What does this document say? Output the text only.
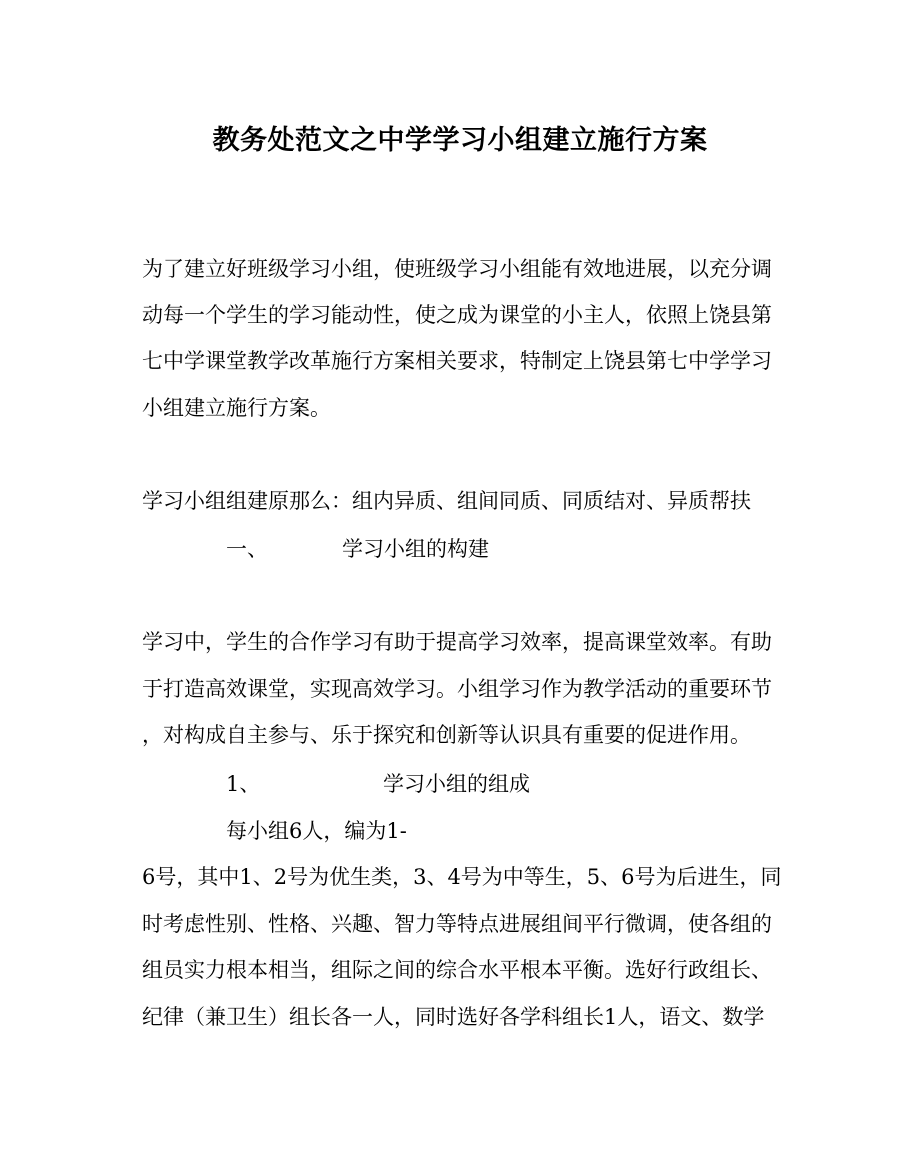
教务处范文之中学学习小组建立施行方案
为了建立好班级学习小组，使班级学习小组能有效地进展，以充分调
动每一个学生的学习能动性，使之成为课堂的小主人，依照上饶县第
七中学课堂教学改革施行方案相关要求，特制定上饶县第七中学学习
小组建立施行方案。
学习小组组建原那么：组内异质、组间同质、同质结对、异质帮扶
一、	学习小组的构建
学习中，学生的合作学习有助于提高学习效率，提高课堂效率。有助
于打造高效课堂，实现高效学习。小组学习作为教学活动的重要环节
，对构成自主参与、乐于探究和创新等认识具有重要的促进作用。
1、	学习小组的组成
每小组6人，编为1-
6号，其中1、2号为优生类，3、4号为中等生，5、6号为后进生，同
时考虑性别、性格、兴趣、智力等特点进展组间平行微调，使各组的
组员实力根本相当，组际之间的综合水平根本平衡。选好行政组长、
纪律（兼卫生）组长各一人，同时选好各学科组长1人，语文、数学
